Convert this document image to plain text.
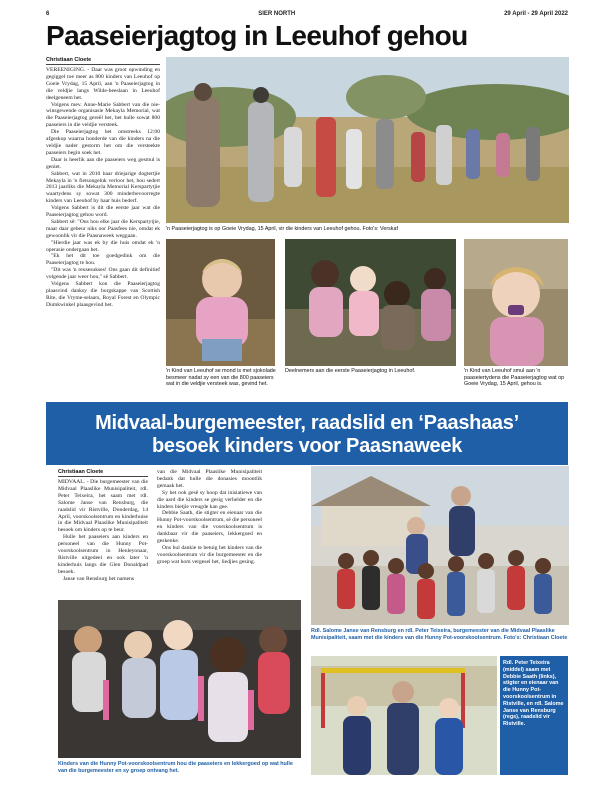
6	SIER NORTH	29 April - 29 April 2022
Paaseierjagtog in Leeuhof gehou
Christiaan Cloete

VEREENIGING. - Daar was groot opwinding en gegiggel toe meer as 800 kinders van Leeuhof op Goeie Vrydag, 15 April, aan 'n Paaseierjagtog in die veldjie langs Wilde-beeslaan in Leeuhof deelgeneem het.

Volgens mev. Anne-Marie Sabbert van die nie-winsgewende organisasie Mekayla Memorial, wat die Paaseierjagtog gereël het, het hulle sowat 800 paaseiers in die veldjie versteek.

Die Paaseierjagtog het omstreeks 12:00 afgeskop waarna honderde van die kinders na die veldjie nader gestorm het om die versteekte paaseiers begin soek het.

Daar is heerlik aan die paaseiers weg gesmul is geniet.

Sabbert, wat in 2010 haar driejarige dogtertjie Mekayla in 'n fietsongeluk verloor het, hou sedert 2013 jaarliks die Mekayla Memorial Kerspartytjie waartydens sy sowat 300 minderbevoorregte kinders van Leeuhof by haar huis bederf.

Volgens Sabbert is dit die eerste jaar wat die Paaseierjagtog gehou word.

Sabbert sê: "Ons hou elke jaar die Kerspartytjie, maar daar gebeur niks oor Paasfees nie, omdat ek gewoonlik vir die Paasnaweek weggaan.

"Hierdie jaar was ek by die huis omdat ek 'n operasie ondergaan het.

"Ek het dit toe goedgedink om die Paaseierjagtog te hou.

"Dit was 'n reusesukses! Ons gaan dit definitief volgende jaar weer hou," sê Sabbert.

Volgens Sabbert kon die Paaseierjagtog plaasvind danksy die borgskappe van Scottish Rite, die Vryme-selaars, Royal Forest en Olympic Dumkwinkel plaasgevind het.

'n Paaseierjagtog is op Goeie Vrydag, 15 April, vir die kinders van Leeuhof gehou. Foto's: Verskaf
'n Kind van Leeuhof se mond is met sjokolade besmeer nadat sy een van die 800 paaseiers wat in die veldjie versteek was, gevind het.
Deelnemers aan die eerste Paaseierjagtog in Leeuhof.	'n Kind van Leeuhof smul aan 'n paaseiertydens die Paaseierjagtog wat op Goeie Vrydag, 15 April, gehou is.
Midvaal-burgemeester, raadslid en ‘Paashaas’
besoek kinders voor Paasnaweek
Christiaan Cloete

MIDVAAL. - Die burgemeester van die Midvaal Plaaslike Munisipaliteit, rdl. Peter Teixeira, het saam met rdl. Salome Janse van Rensburg, die raadslid vir Ristville, Donderdag, 14 April, voorskoolsentrum en kinderhuise in die Midvaal Plaaslike Munisipaliteit besoek om kinders op te beur.

Hulle het paaseiers aan kinders en personeel van die Hunny Pot-voorskoolsentrum in Henleyonaar, Ristville uitgedeel en ook later 'n kinderhuis langs die Glen Donaldpad besoek.

Janse van Rensburg het namens

van die Midvaal Plaaslike Munisipaliteit bedank dat hulle die donasies moontlik gemaak het.

Sy het ook gesê sy hoop dat inisiatiewe van die aard die kinders se gesig verhelder en die kinders bietjie vreugde kan gee.

Debbie Saath, die stigter en eienaar van die Hunny Pot-voorskoolsentrum, sê die personeel en kinders van die voorskoolsentrum is dankbaar vir die paaseiers, lekkergoed en geskenke.

Ons hul dankie te betuig het kinders van die voorskoolsentrum vir die burgemeester en die groep wat hom vergesel het, liedjies gesing.

Rdl. Salome Janse van Rensburg en rdl. Peter Teixeira, burgemeester van die Midvaal Plaaslike Munisipaliteit, saam met die kinders van die Hunny Pot-voorskoolsentrum. Foto's: Christiaan Cloete
Kinders van die Hunny Pot-voorskoolsentrum hou die paaseiers en lekkergoed op wat hulle van die burgemeester en sy groep ontvang het.
Rdl. Peter Teixeira (middel) saam met Debbie Saath (links), stigter en eienaar van die Hunny Pot-voorskoolsentrum in Ristville, en rdl. Salome Janse van Rensburg (regs), raadslid vir Ristville.
